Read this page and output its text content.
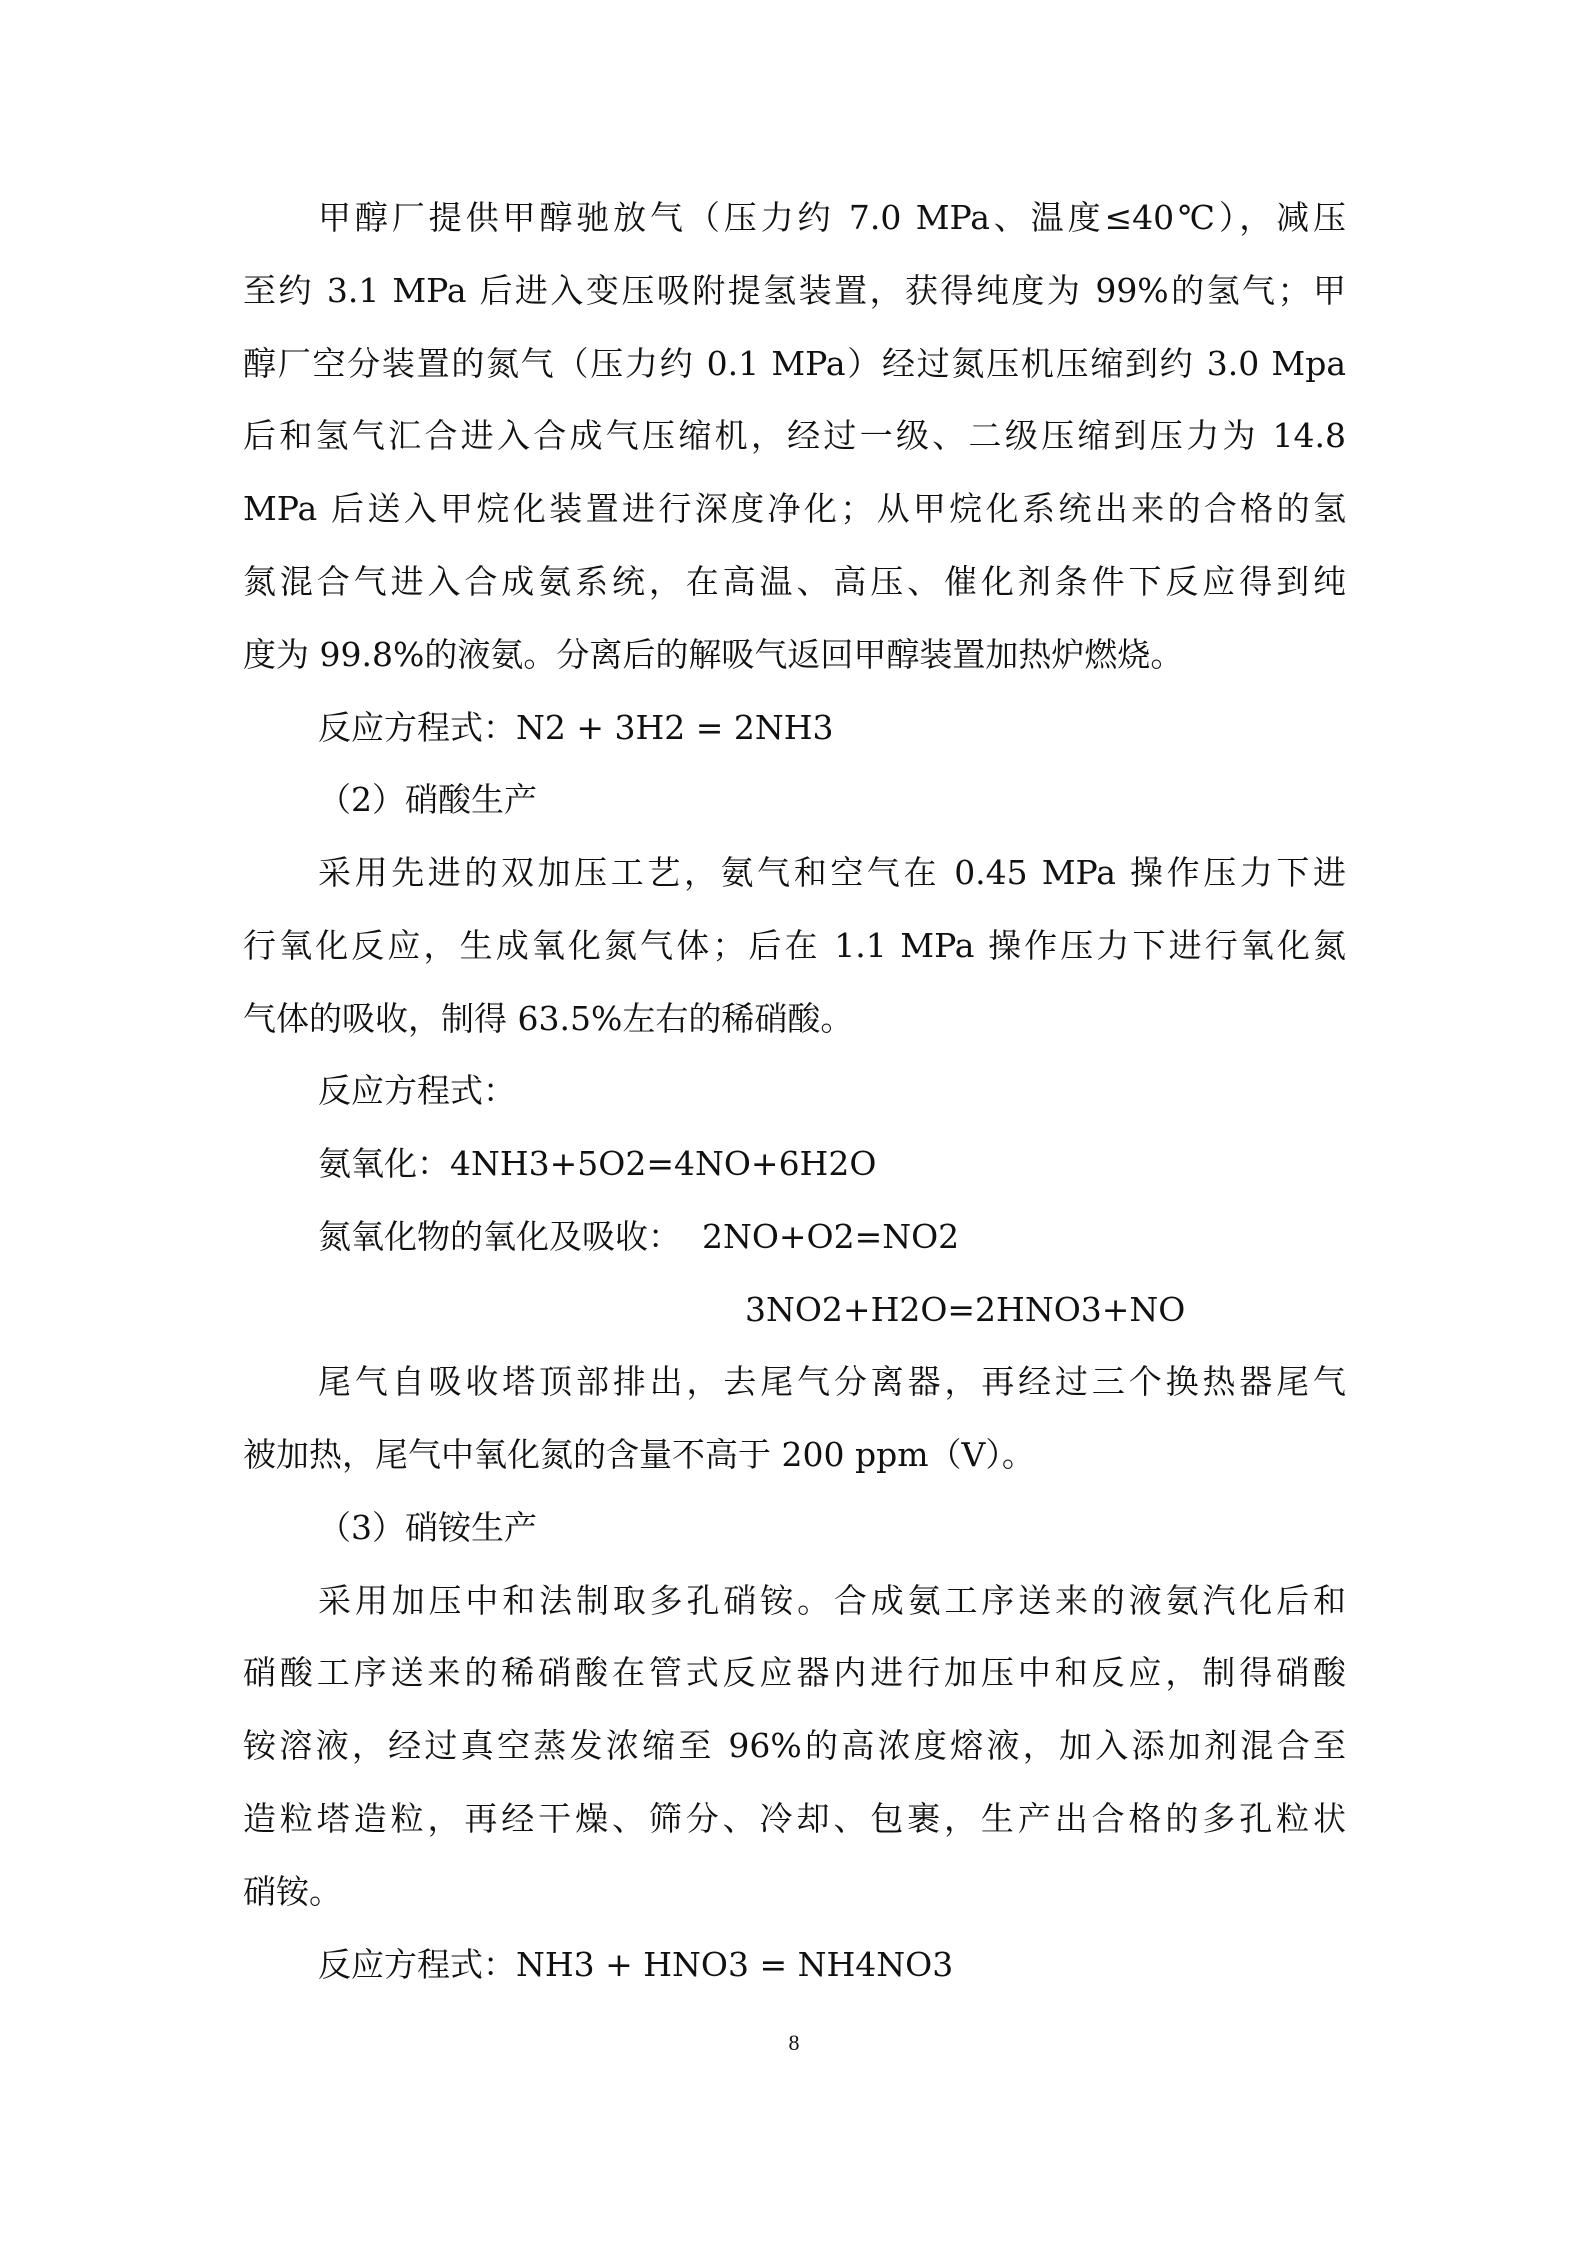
甲醇厂提供甲醇驰放气（压力约 7.0 MPa、温度≤40℃），减压
至约 3.1 MPa 后进入变压吸附提氢装置，获得纯度为 99%的氢气；甲
醇厂空分装置的氮气（压力约 0.1 MPa）经过氮压机压缩到约 3.0 Mpa
后和氢气汇合进入合成气压缩机，经过一级、二级压缩到压力为 14.8
MPa 后送入甲烷化装置进行深度净化；从甲烷化系统出来的合格的氢
氮混合气进入合成氨系统，在高温、高压、催化剂条件下反应得到纯
度为 99.8%的液氨。分离后的解吸气返回甲醇装置加热炉燃烧。
反应方程式：N2 + 3H2 = 2NH3
（2）硝酸生产
采用先进的双加压工艺，氨气和空气在 0.45 MPa 操作压力下进
行氧化反应，生成氧化氮气体；后在 1.1 MPa 操作压力下进行氧化氮
气体的吸收，制得 63.5%左右的稀硝酸。
反应方程式：
氨氧化：4NH3+5O2=4NO+6H2O
氮氧化物的氧化及吸收：  2NO+O2=NO2
3NO2+H2O=2HNO3+NO
尾气自吸收塔顶部排出，去尾气分离器，再经过三个换热器尾气
被加热，尾气中氧化氮的含量不高于 200 ppm（V）。
（3）硝铵生产
采用加压中和法制取多孔硝铵。合成氨工序送来的液氨汽化后和
硝酸工序送来的稀硝酸在管式反应器内进行加压中和反应，制得硝酸
铵溶液，经过真空蒸发浓缩至 96%的高浓度熔液，加入添加剂混合至
造粒塔造粒，再经干燥、筛分、冷却、包裹，生产出合格的多孔粒状
硝铵。
反应方程式：NH3 + HNO3 = NH4NO3
8
